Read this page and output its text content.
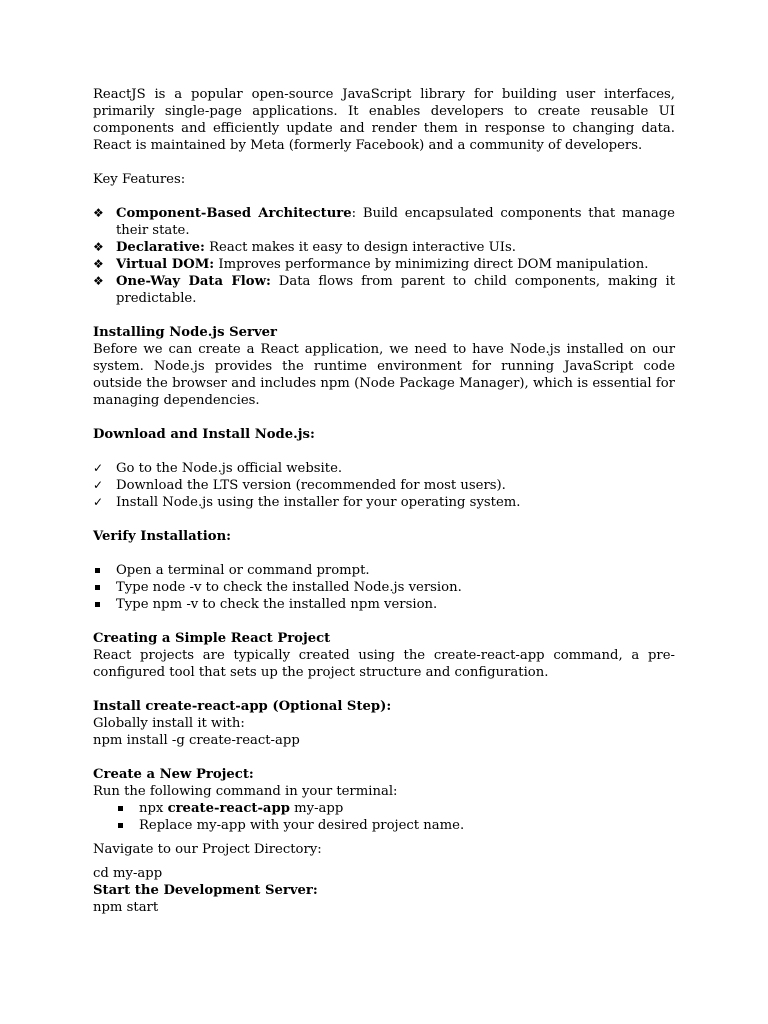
ReactJS is a popular open-source JavaScript library for building user interfaces, primarily single-page applications. It enables developers to create reusable UI components and efficiently update and render them in response to changing data. React is maintained by Meta (formerly Facebook) and a community of developers.

Key Features:

❖ Component-Based Architecture: Build encapsulated components that manage their state.
❖ Declarative: React makes it easy to design interactive UIs.
❖ Virtual DOM: Improves performance by minimizing direct DOM manipulation.
❖ One-Way Data Flow: Data flows from parent to child components, making it predictable.

Installing Node.js Server

Before we can create a React application, we need to have Node.js installed on our system. Node.js provides the runtime environment for running JavaScript code outside the browser and includes npm (Node Package Manager), which is essential for managing dependencies.

Download and Install Node.js:

✓ Go to the Node.js official website.
✓ Download the LTS version (recommended for most users).
✓ Install Node.js using the installer for your operating system.

Verify Installation:

Open a terminal or command prompt.
Type node -v to check the installed Node.js version.
Type npm -v to check the installed npm version.

Creating a Simple React Project

React projects are typically created using the create-react-app command, a pre-configured tool that sets up the project structure and configuration.

Install create-react-app (Optional Step):

Globally install it with:

npm install -g create-react-app

Create a New Project:

Run the following command in your terminal:

npx create-react-app my-app
Replace my-app with your desired project name.

Navigate to our Project Directory:

cd my-app

Start the Development Server:

npm start
